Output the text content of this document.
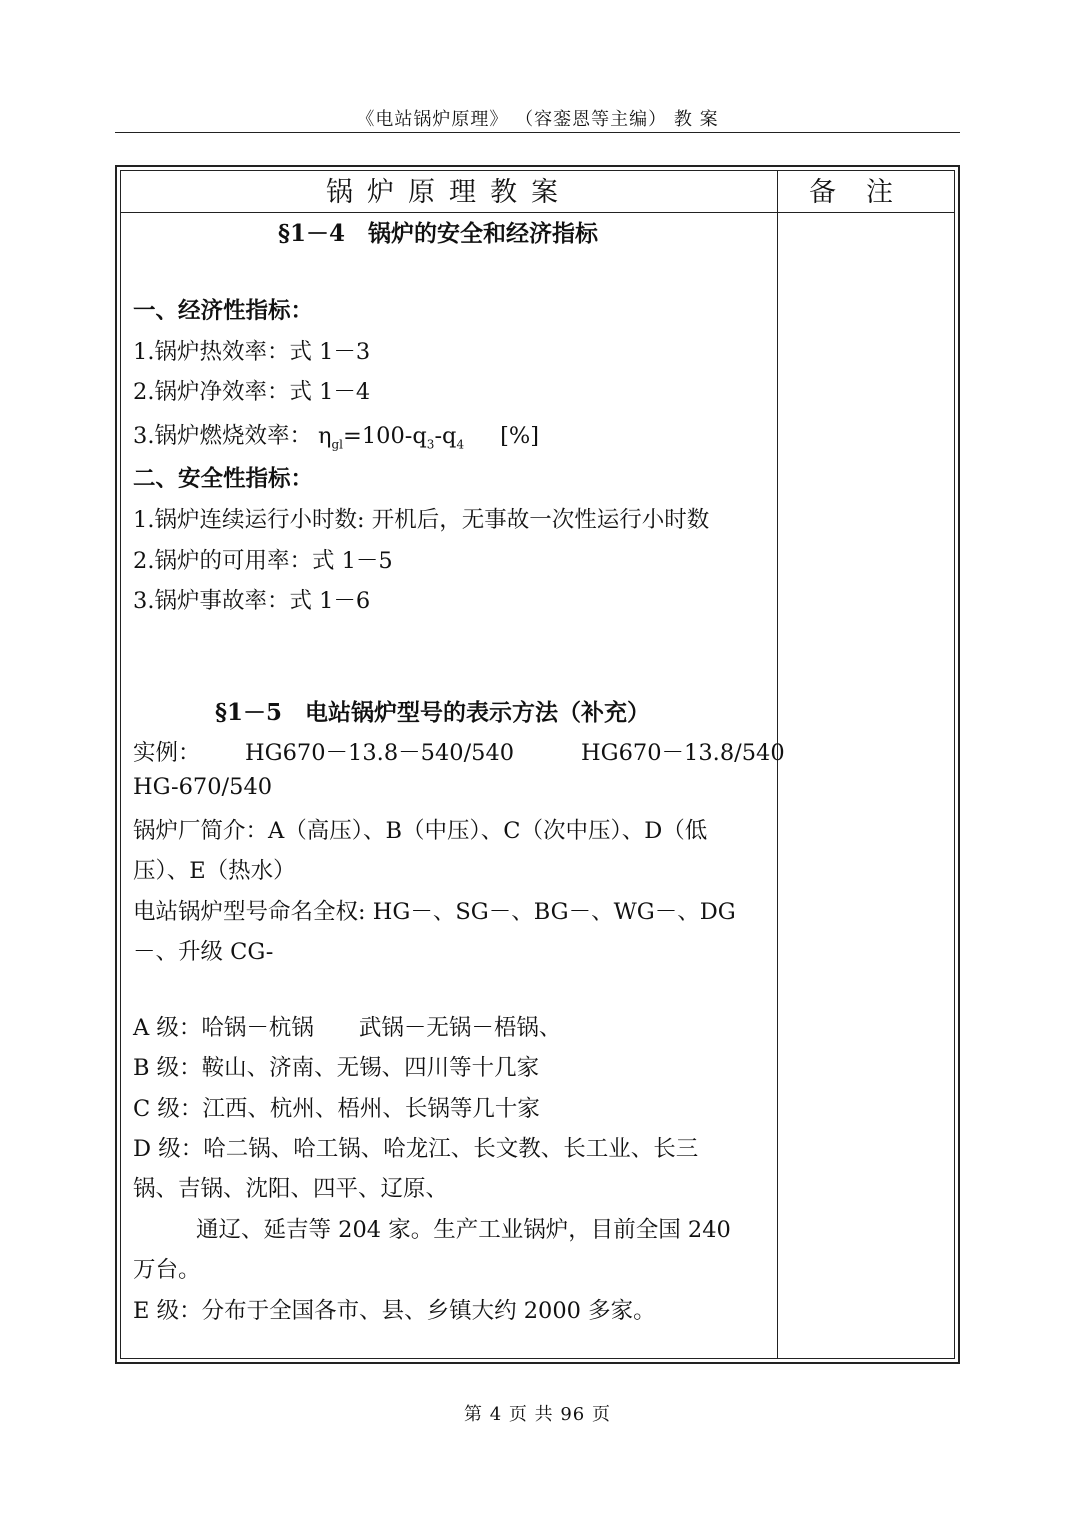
《电站锅炉原理》 （容銮恩等主编） 教 案
锅炉原理教案	备注
§1－4　锅炉的安全和经济指标
一、经济性指标：
1.锅炉热效率：式 1－3
2.锅炉净效率：式 1－4
3.锅炉燃烧效率： $\eta_{gl}=100-q_3-q_4$ [%]
二、安全性指标：
1.锅炉连续运行小时数: 开机后，无事故一次性运行小时数
2.锅炉的可用率：式 1－5
3.锅炉事故率：式 1－6
§1－5　电站锅炉型号的表示方法（补充）
实例： HG670－13.8－540/540	HG670－13.8/540
HG-670/540
锅炉厂简介：A（高压）、B（中压）、C（次中压）、D（低
压）、E（热水）
电站锅炉型号命名全权: HG－、SG－、BG－、WG－、DG
－、升级 CG-
A 级：哈锅－杭锅　　武锅－无锅－梧锅、
B 级：鞍山、济南、无锡、四川等十几家
C 级：江西、杭州、梧州、长锅等几十家
D 级：哈二锅、哈工锅、哈龙江、长文教、长工业、长三
锅、吉锅、沈阳、四平、辽原、
通辽、延吉等 204 家。生产工业锅炉，目前全国 240
万台。
E 级：分布于全国各市、县、乡镇大约 2000 多家。
第 4 页 共 96 页
